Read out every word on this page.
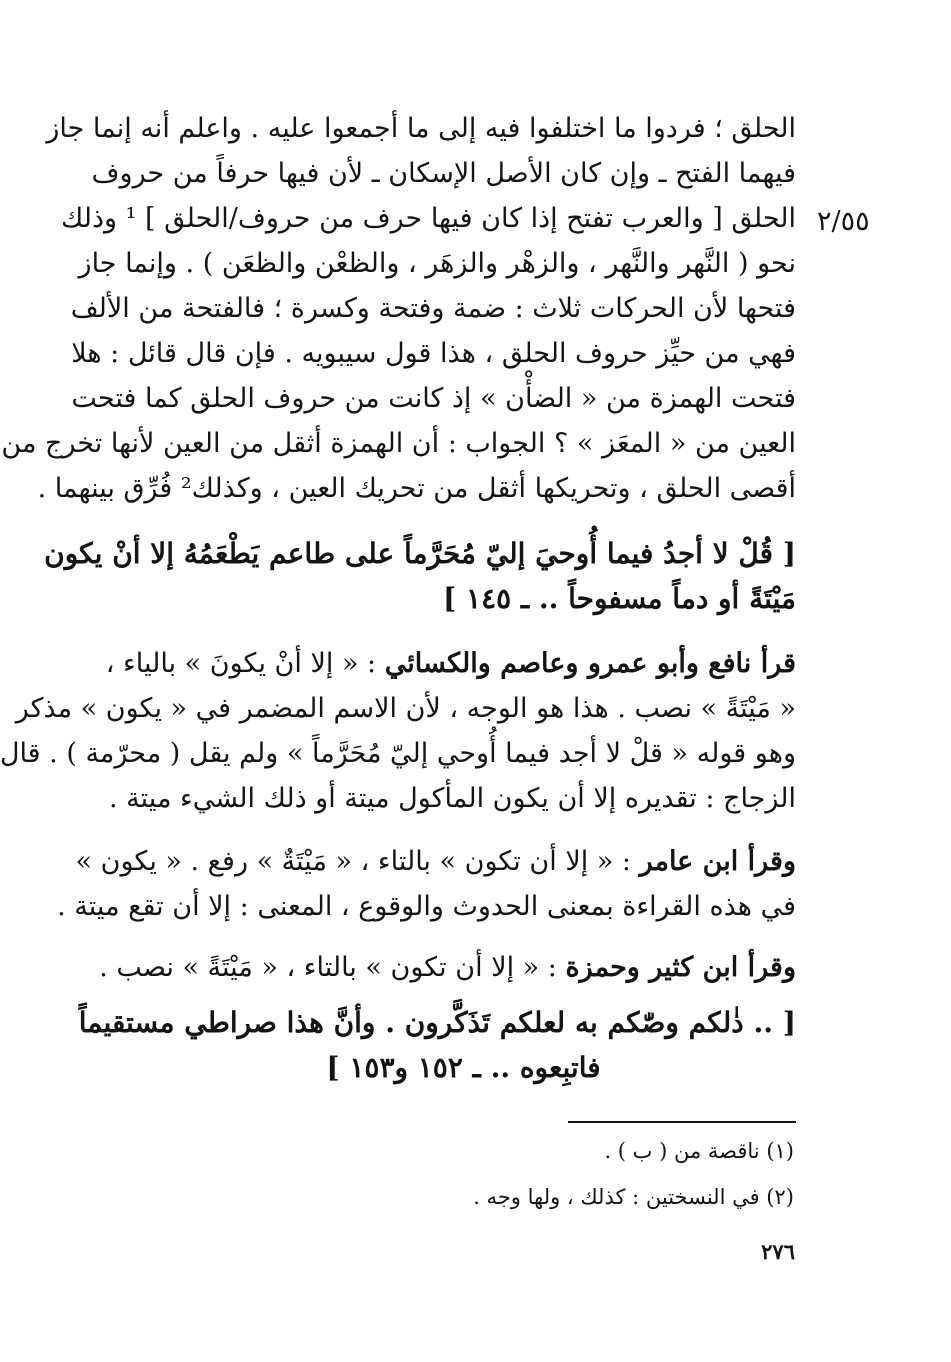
٢/٥٥
الحلق ؛ فردوا ما اختلفوا فيه إلى ما أجمعوا عليه . واعلم أنه إنما جاز
فيهما الفتح ـ وإن كان الأصل الإسكان ـ لأن فيها حرفاً من حروف
الحلق [ والعرب تفتح إذا كان فيها حرف من حروف/الحلق ] ¹ وذلك
نحو ( النَّهر والنَّهر ، والزهْر والزهَر ، والظعْن والظعَن ) . وإنما جاز
فتحها لأن الحركات ثلاث : ضمة وفتحة وكسرة ؛ فالفتحة من الألف
فهي من حيِّز حروف الحلق ، هذا قول سيبويه . فإن قال قائل : هلا
فتحت الهمزة من « الضأْن » إذ كانت من حروف الحلق كما فتحت
العين من « المعَز » ؟ الجواب : أن الهمزة أثقل من العين لأنها تخرج من
أقصى الحلق ، وتحريكها أثقل من تحريك العين ، وكذلك² فُرِّق بينهما .
[ قُلْ لا أجدُ فيما أُوحيَ إليّ مُحَرَّماً على طاعم يَطْعَمُهُ إلا أنْ يكون
مَيْتَةً أو دماً مسفوحاً .. ـ ١٤٥ ]
قرأ نافع وأبو عمرو وعاصم والكسائي : « إلا أنْ يكونَ » بالياء ،
« مَيْتَةً » نصب . هذا هو الوجه ، لأن الاسم المضمر في « يكون » مذكر
وهو قوله « قلْ لا أجد فيما أُوحي إليّ مُحَرَّماً » ولم يقل ( محرّمة ) . قال
الزجاج : تقديره إلا أن يكون المأكول ميتة أو ذلك الشيء ميتة .
وقرأ ابن عامر : « إلا أن تكون » بالتاء ، « مَيْتَةٌ » رفع . « يكون »
في هذه القراءة بمعنى الحدوث والوقوع ، المعنى : إلا أن تقع ميتة .
وقرأ ابن كثير وحمزة : « إلا أن تكون » بالتاء ، « مَيْتَةً » نصب .
[ .. ذٰلكم وصّٰكم به لعلكم تَذَكَّرون . وأنَّ هذا صراطي مستقيماً
فاتبِعوه .. ـ ١٥٢ و١٥٣ ]
(١) ناقصة من ( ب ) .
(٢) في النسختين : كذلك ، ولها وجه .
٢٧٦
